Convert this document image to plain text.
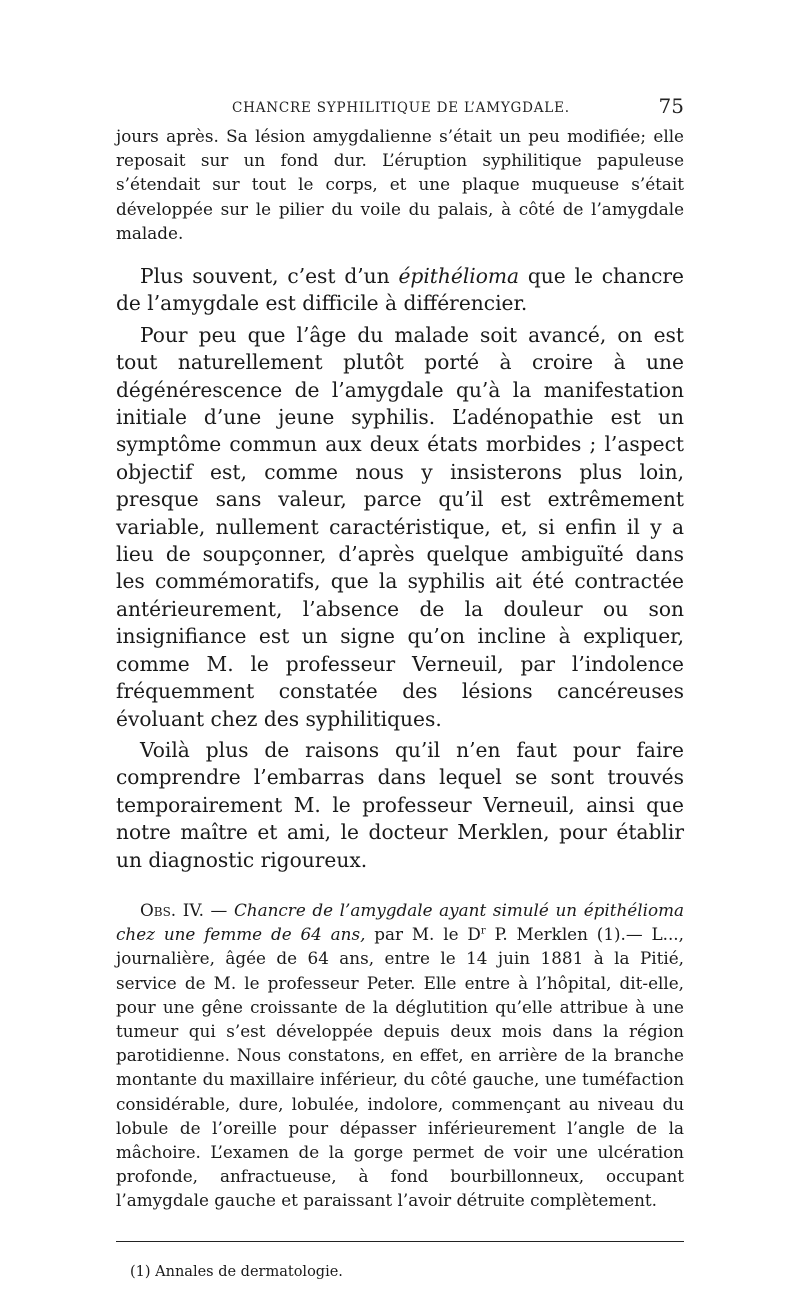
CHANCRE SYPHILITIQUE DE L’AMYGDALE.	75

jours après. Sa lésion amygdalienne s’était un peu modifiée; elle reposait sur un fond dur. L’éruption syphilitique papuleuse s’étendait sur tout le corps, et une plaque muqueuse s’était développée sur le pilier du voile du palais, à côté de l’amygdale malade.

Plus souvent, c’est d’un épithélioma que le chancre de l’amygdale est difficile à différencier.

Pour peu que l’âge du malade soit avancé, on est tout naturellement plutôt porté à croire à une dégénérescence de l’amygdale qu’à la manifestation initiale d’une jeune syphilis. L’adénopathie est un symptôme commun aux deux états morbides ; l’aspect objectif est, comme nous y insisterons plus loin, presque sans valeur, parce qu’il est extrêmement variable, nullement caractéristique, et, si enfin il y a lieu de soupçonner, d’après quelque ambiguïté dans les commémoratifs, que la syphilis ait été contractée antérieurement, l’absence de la douleur ou son insignifiance est un signe qu’on incline à expliquer, comme M. le professeur Verneuil, par l’indolence fréquemment constatée des lésions cancéreuses évoluant chez des syphilitiques.

Voilà plus de raisons qu’il n’en faut pour faire comprendre l’embarras dans lequel se sont trouvés temporairement M. le professeur Verneuil, ainsi que notre maître et ami, le docteur Merklen, pour établir un diagnostic rigoureux.

Obs. IV. — Chancre de l’amygdale ayant simulé un épithélioma chez une femme de 64 ans, par M. le $D^r$ P. Merklen (1).— L..., journalière, âgée de 64 ans, entre le 14 juin 1881 à la Pitié, service de M. le professeur Peter. Elle entre à l’hôpital, dit-elle, pour une gêne croissante de la déglutition qu’elle attribue à une tumeur qui s’est développée depuis deux mois dans la région parotidienne. Nous constatons, en effet, en arrière de la branche montante du maxillaire inférieur, du côté gauche, une tuméfaction considérable, dure, lobulée, indolore, commençant au niveau du lobule de l’oreille pour dépasser inférieurement l’angle de la mâchoire. L’examen de la gorge permet de voir une ulcération profonde, anfractueuse, à fond bourbillonneux, occupant l’amygdale gauche et paraissant l’avoir détruite complètement.

(1) Annales de dermatologie.
